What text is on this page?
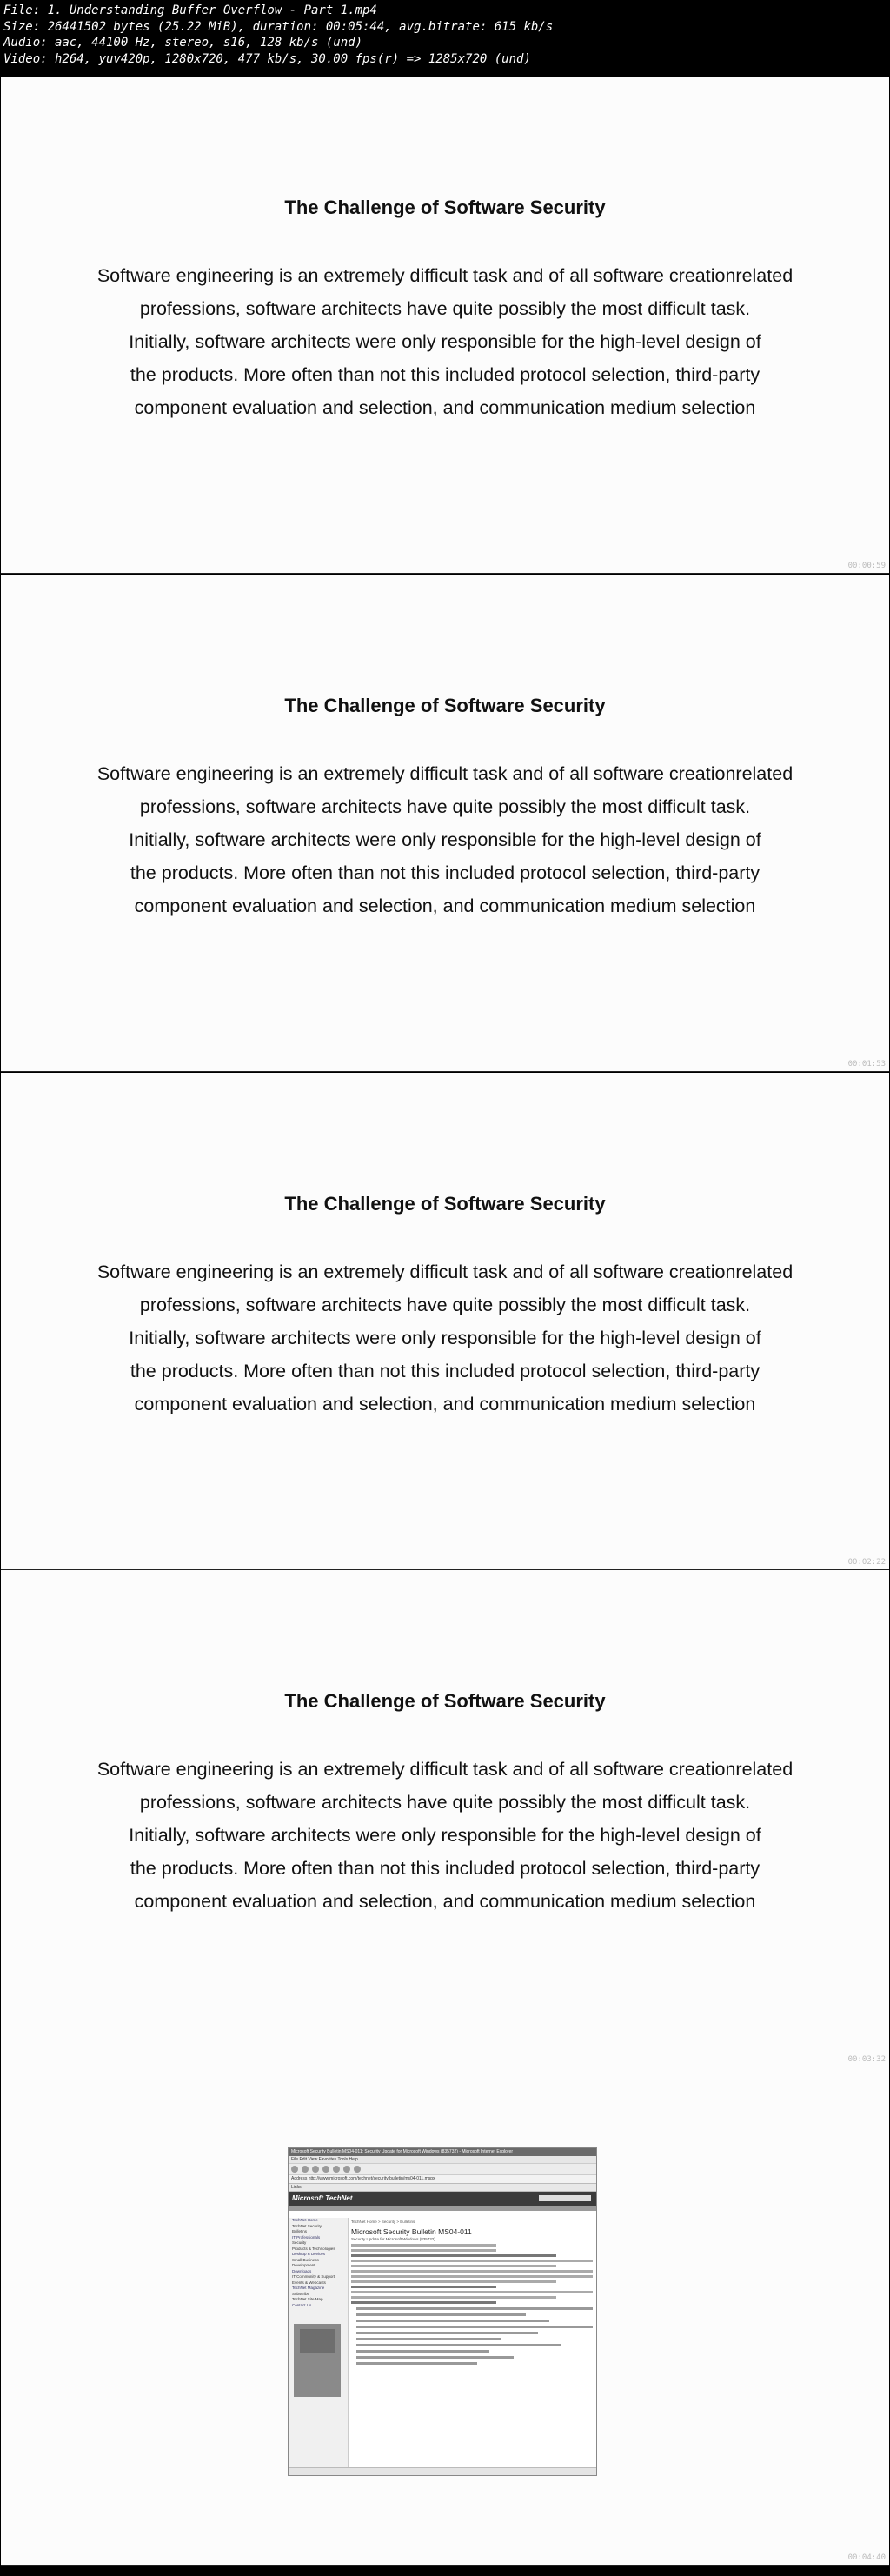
File: 1. Understanding Buffer Overflow - Part 1.mp4
Size: 26441502 bytes (25.22 MiB), duration: 00:05:44, avg.bitrate: 615 kb/s
Audio: aac, 44100 Hz, stereo, s16, 128 kb/s (und)
Video: h264, yuv420p, 1280x720, 477 kb/s, 30.00 fps(r) => 1285x720 (und)
The Challenge of Software Security
Software engineering is an extremely difficult task and of all software creationrelated
professions, software architects have quite possibly the most difficult task.
Initially, software architects were only responsible for the high-level design of
the products. More often than not this included protocol selection, third-party
component evaluation and selection, and communication medium selection
00:00:59
The Challenge of Software Security
Software engineering is an extremely difficult task and of all software creationrelated
professions, software architects have quite possibly the most difficult task.
Initially, software architects were only responsible for the high-level design of
the products. More often than not this included protocol selection, third-party
component evaluation and selection, and communication medium selection
00:01:53
The Challenge of Software Security
Software engineering is an extremely difficult task and of all software creationrelated
professions, software architects have quite possibly the most difficult task.
Initially, software architects were only responsible for the high-level design of
the products. More often than not this included protocol selection, third-party
component evaluation and selection, and communication medium selection
00:02:22
The Challenge of Software Security
Software engineering is an extremely difficult task and of all software creationrelated
professions, software architects have quite possibly the most difficult task.
Initially, software architects were only responsible for the high-level design of
the products. More often than not this included protocol selection, third-party
component evaluation and selection, and communication medium selection
00:03:32
Microsoft Security Bulletin MS04-011: Security Update for Microsoft Windows (835732) - Microsoft Internet Explorer
File Edit View Favorites Tools Help
Address http://www.microsoft.com/technet/security/bulletin/ms04-011.mspx
Links
Microsoft TechNet
TechNet Home
TechNet Security
Bulletins
IT Professionals
Security
Products & Technologies
Desktop & Devices
Small Business
Development
Downloads
IT Community & Support
Events & Webcasts
TechNet Magazine
Subscribe
TechNet Site Map
Contact Us
TechNet Home > Security > Bulletins
Microsoft Security Bulletin MS04-011
Security Update for Microsoft Windows (835732)
00:04:40
